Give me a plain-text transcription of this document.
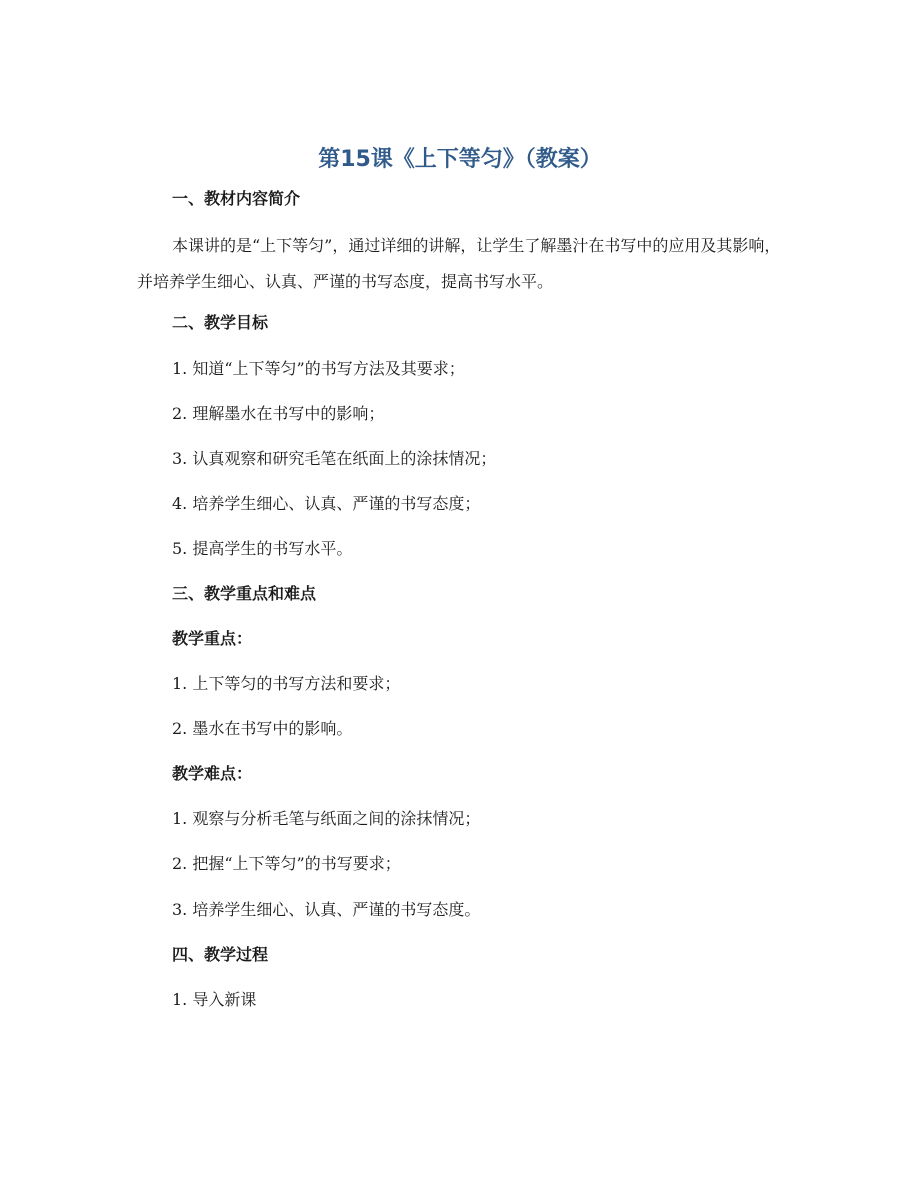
第15课《上下等匀》（教案）

一、教材内容简介

本课讲的是“上下等匀”，通过详细的讲解，让学生了解墨汁在书写中的应用及其影响，并培养学生细心、认真、严谨的书写态度，提高书写水平。

二、教学目标

1. 知道“上下等匀”的书写方法及其要求；

2. 理解墨水在书写中的影响；

3. 认真观察和研究毛笔在纸面上的涂抹情况；

4. 培养学生细心、认真、严谨的书写态度；

5. 提高学生的书写水平。

三、教学重点和难点

教学重点：

1. 上下等匀的书写方法和要求；

2. 墨水在书写中的影响。

教学难点：

1. 观察与分析毛笔与纸面之间的涂抹情况；

2. 把握“上下等匀”的书写要求；

3. 培养学生细心、认真、严谨的书写态度。

四、教学过程

1. 导入新课
